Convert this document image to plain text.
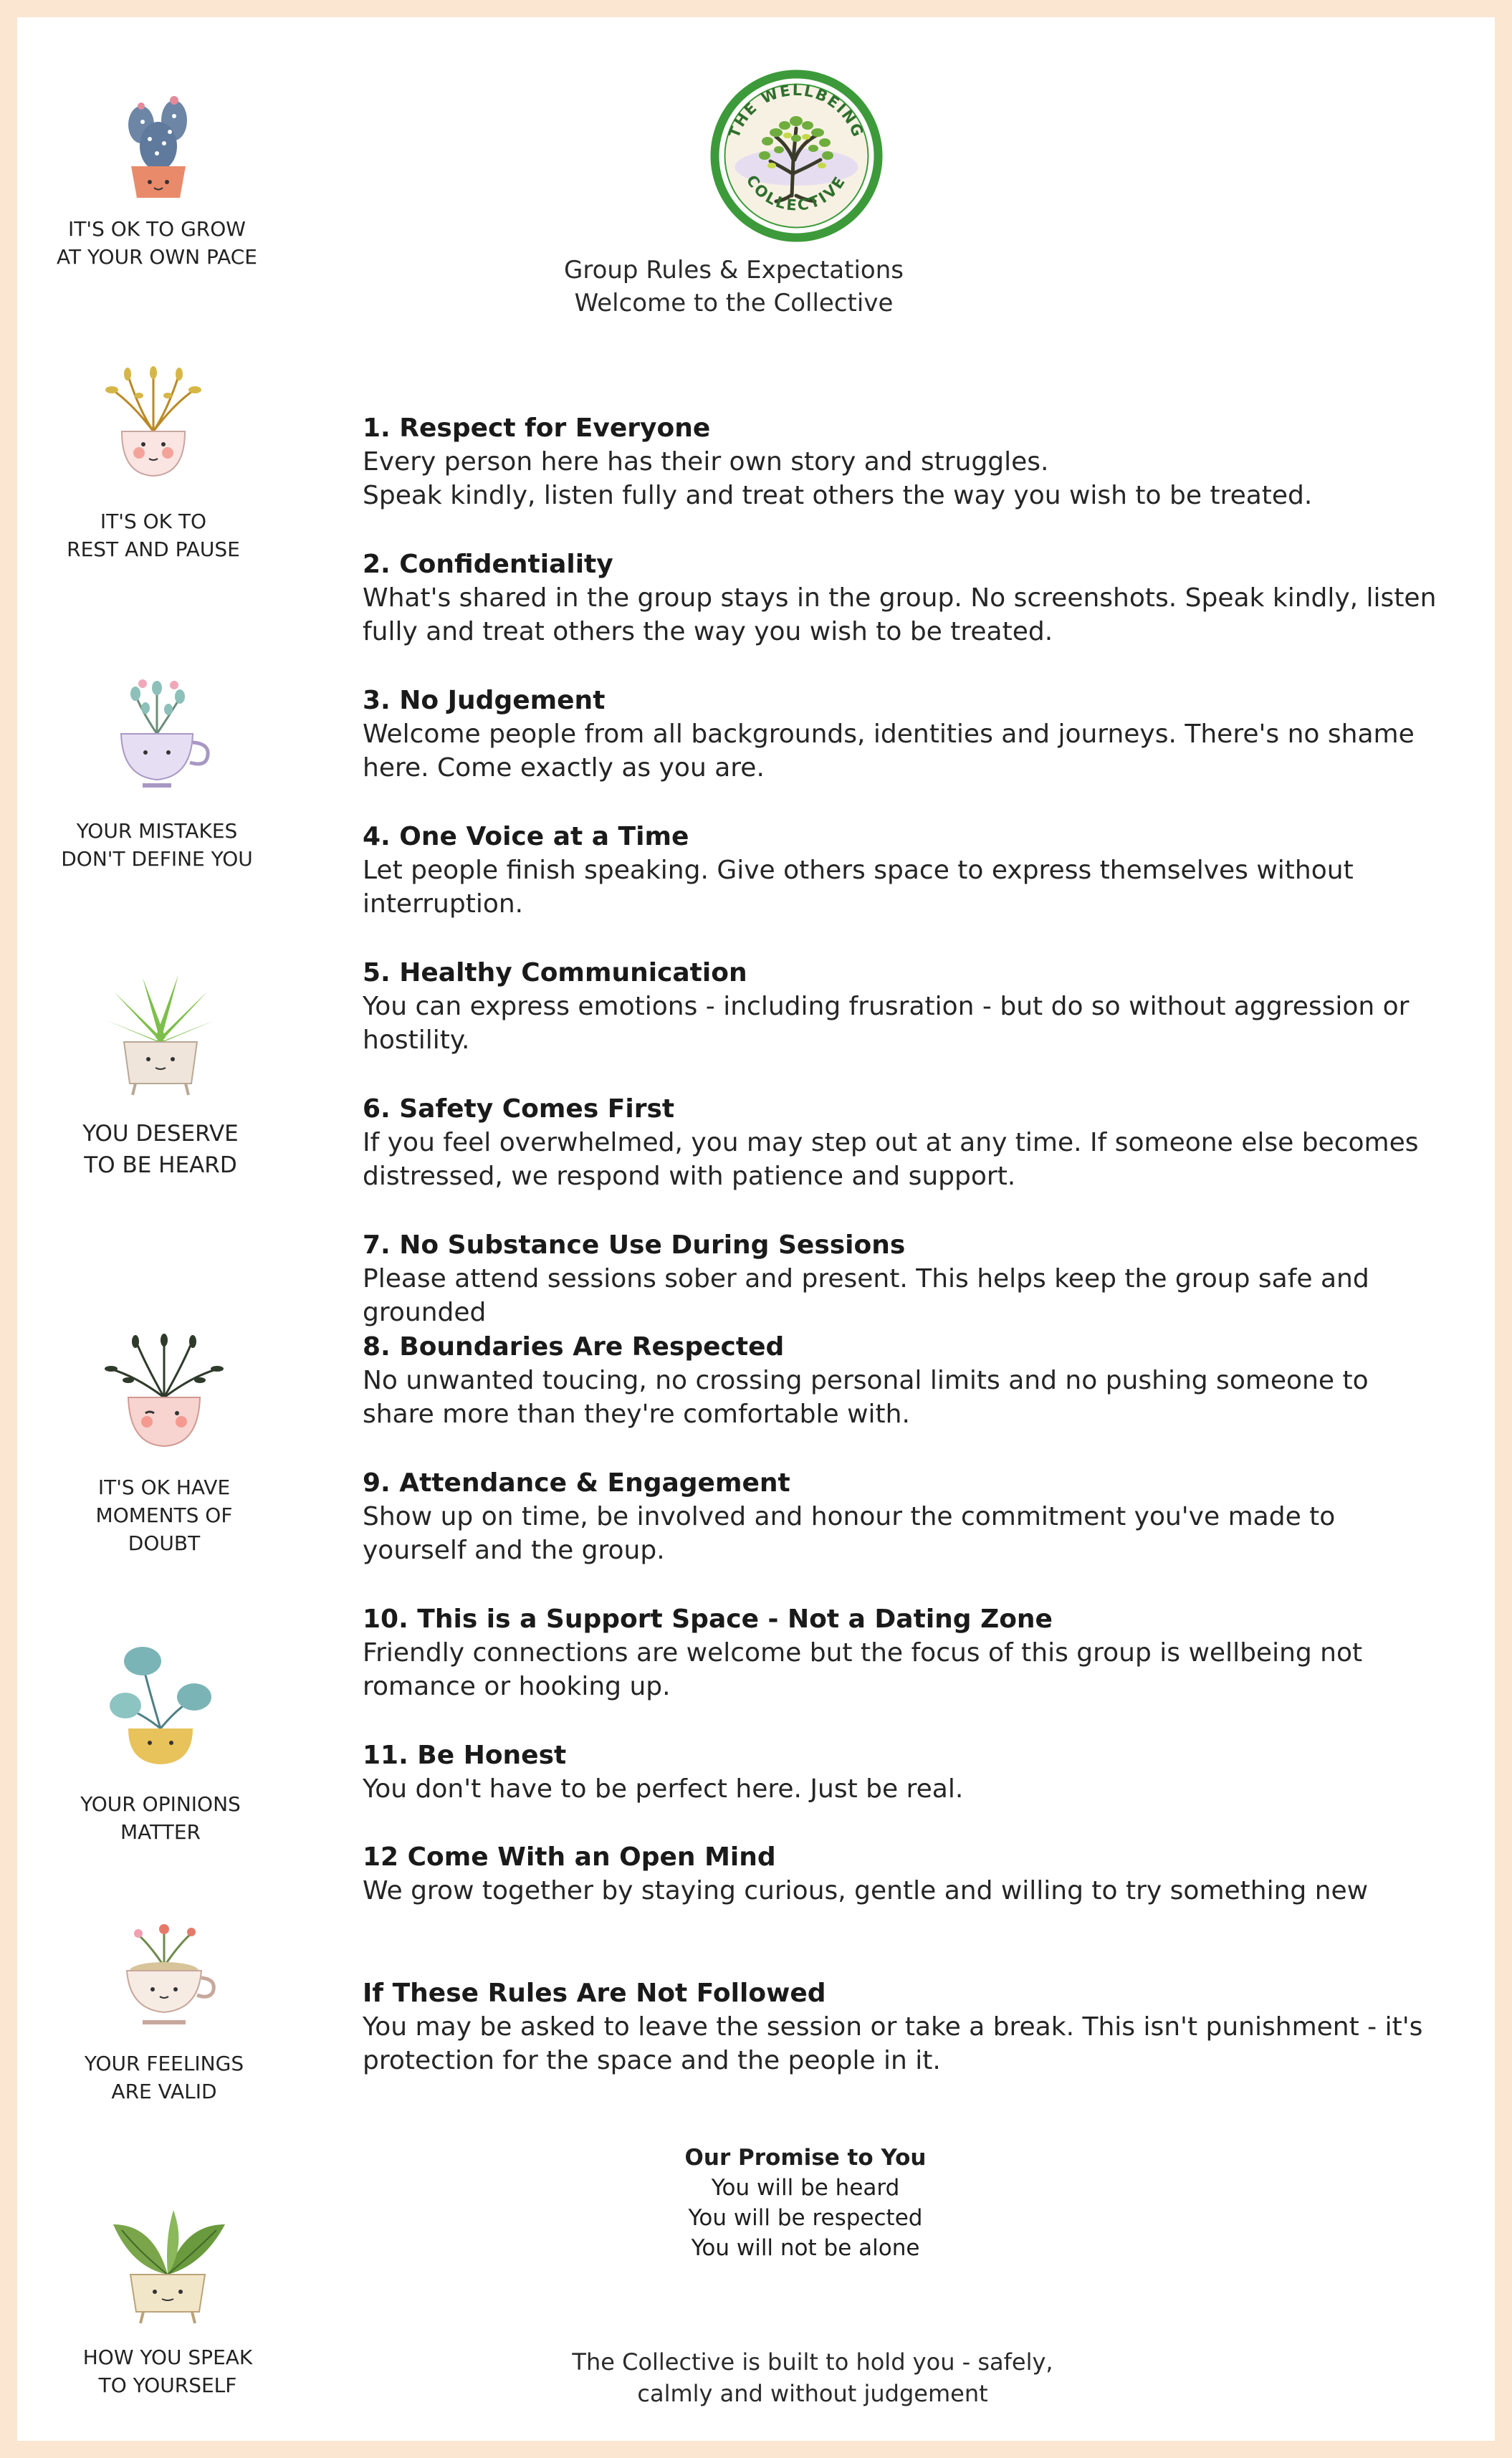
THE WELLBEING
COLLECTIVE
Group Rules & Expectations
Welcome to the Collective
IT'S OK TO GROW
AT YOUR OWN PACE
IT'S OK TO
REST AND PAUSE
YOUR MISTAKES
DON'T DEFINE YOU
YOU DESERVE
TO BE HEARD
IT'S OK HAVE
MOMENTS OF
DOUBT
YOUR OPINIONS
MATTER
YOUR FEELINGS
ARE VALID
HOW YOU SPEAK
TO YOURSELF
1. Respect for Everyone
Every person here has their own story and struggles.
Speak kindly, listen fully and treat others the way you wish to be treated.
2. Confidentiality
What's shared in the group stays in the group. No screenshots. Speak kindly, listen fully and treat others the way you wish to be treated.
3. No Judgement
Welcome people from all backgrounds, identities and journeys. There's no shame here. Come exactly as you are.
4. One Voice at a Time
Let people finish speaking. Give others space to express themselves without interruption.
5. Healthy Communication
You can express emotions - including frusration - but do so without aggression or hostility.
6. Safety Comes First
If you feel overwhelmed, you may step out at any time. If someone else becomes distressed, we respond with patience and support.
7. No Substance Use During Sessions
Please attend sessions sober and present. This helps keep the group safe and grounded
8. Boundaries Are Respected
No unwanted toucing, no crossing personal limits and no pushing someone to share more than they're comfortable with.
9. Attendance & Engagement
Show up on time, be involved and honour the commitment you've made to yourself and the group.
10. This is a Support Space - Not a Dating Zone
Friendly connections are welcome but the focus of this group is wellbeing not romance or hooking up.
11. Be Honest
You don't have to be perfect here. Just be real.
12 Come With an Open Mind
We grow together by staying curious, gentle and willing to try something new
If These Rules Are Not Followed
You may be asked to leave the session or take a break. This isn't punishment - it's protection for the space and the people in it.
Our Promise to You
You will be heard
You will be respected
You will not be alone
The Collective is built to hold you - safely,
calmly and without judgement
